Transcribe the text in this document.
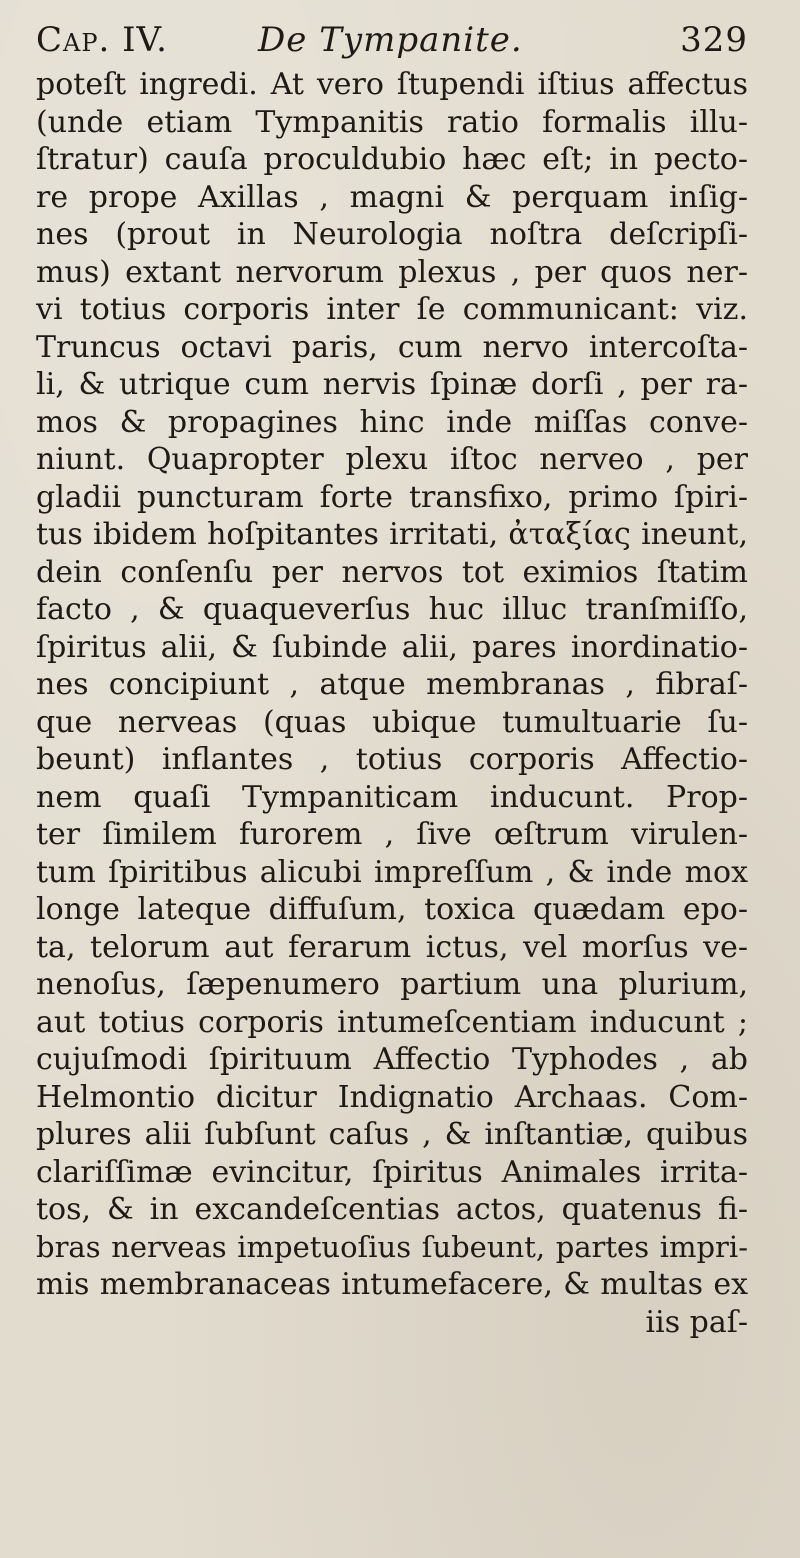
Cap. IV.	De Tympanite.	329
poteſt ingredi. At vero ſtupendi iſtius affectus
(unde etiam Tympanitis ratio formalis illu-
ſtratur) cauſa proculdubio hæc eſt; in pecto-
re prope Axillas , magni & perquam inſig-
nes (prout in Neurologia noſtra deſcripſi-
mus) extant nervorum plexus , per quos ner-
vi totius corporis inter ſe communicant: viz.
Truncus octavi paris, cum nervo intercoſta-
li, & utrique cum nervis ſpinæ dorſi , per ra-
mos & propagines hinc inde miſſas conve-
niunt. Quapropter plexu iſtoc nerveo , per
gladii puncturam forte transfixo, primo ſpiri-
tus ibidem hoſpitantes irritati, ἀταξίας ineunt,
dein conſenſu per nervos tot eximios ſtatim
facto , & quaqueverſus huc illuc tranſmiſſo,
ſpiritus alii, & ſubinde alii, pares inordinatio-
nes concipiunt , atque membranas , fibraſ-
que nerveas (quas ubique tumultuarie ſu-
beunt) inflantes , totius corporis Affectio-
nem quaſi Tympaniticam inducunt. Prop-
ter ſimilem furorem , ſive œſtrum virulen-
tum ſpiritibus alicubi impreſſum , & inde mox
longe lateque diffuſum, toxica quædam epo-
ta, telorum aut ferarum ictus, vel morſus ve-
nenoſus, ſæpenumero partium una plurium,
aut totius corporis intumeſcentiam inducunt ;
cujuſmodi ſpirituum Affectio Typhodes , ab
Helmontio dicitur Indignatio Archaas. Com-
plures alii ſubſunt caſus , & inſtantiæ, quibus
clariſſimæ evincitur, ſpiritus Animales irrita-
tos, & in excandeſcentias actos, quatenus fi-
bras nerveas impetuoſius ſubeunt, partes impri-
mis membranaceas intumefacere, & multas ex
iis paſ-
